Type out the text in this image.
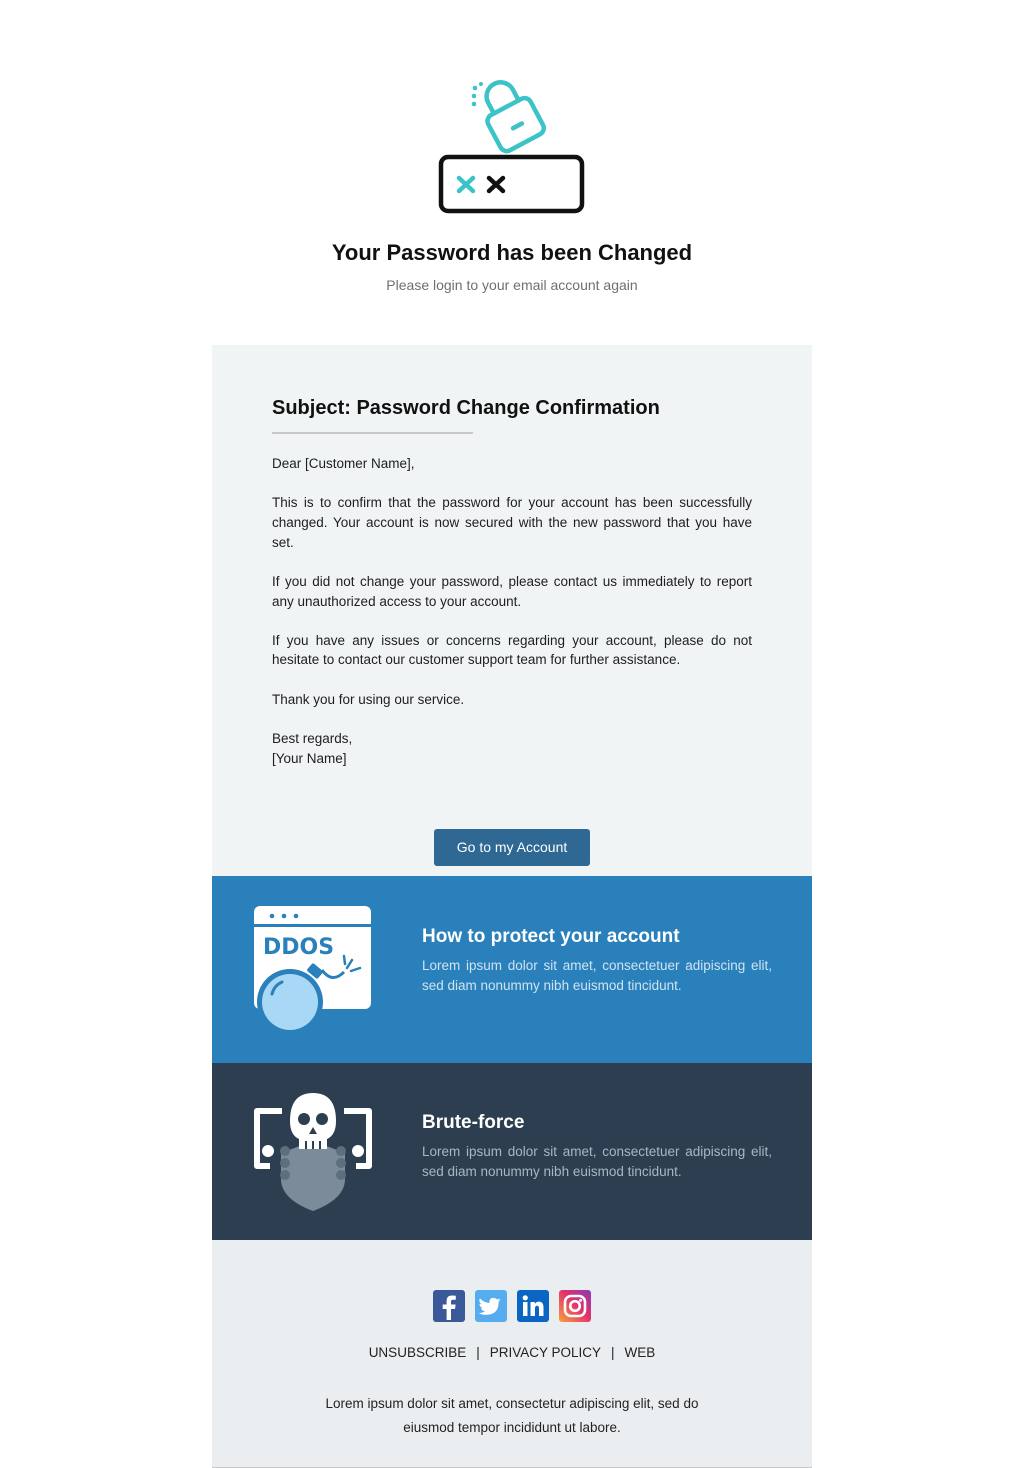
Your Password has been Changed
Please login to your email account again
Subject: Password Change Confirmation

Dear [Customer Name],

This is to confirm that the password for your account has been successfully changed. Your account is now secured with the new password that you have set.

If you did not change your password, please contact us immediately to report any unauthorized access to your account.

If you have any issues or concerns regarding your account, please do not hesitate to contact our customer support team for further assistance.

Thank you for using our service.

Best regards,
[Your Name]
Go to my Account
DDOS	How to protect your account
Lorem ipsum dolor sit amet, consectetuer adipiscing elit, sed diam nonummy nibh euismod tincidunt.
Brute-force
Lorem ipsum dolor sit amet, consectetuer adipiscing elit, sed diam nonummy nibh euismod tincidunt.
UNSUBSCRIBE | PRIVACY POLICY | WEB
Lorem ipsum dolor sit amet, consectetur adipiscing elit, sed do eiusmod tempor incididunt ut labore.
